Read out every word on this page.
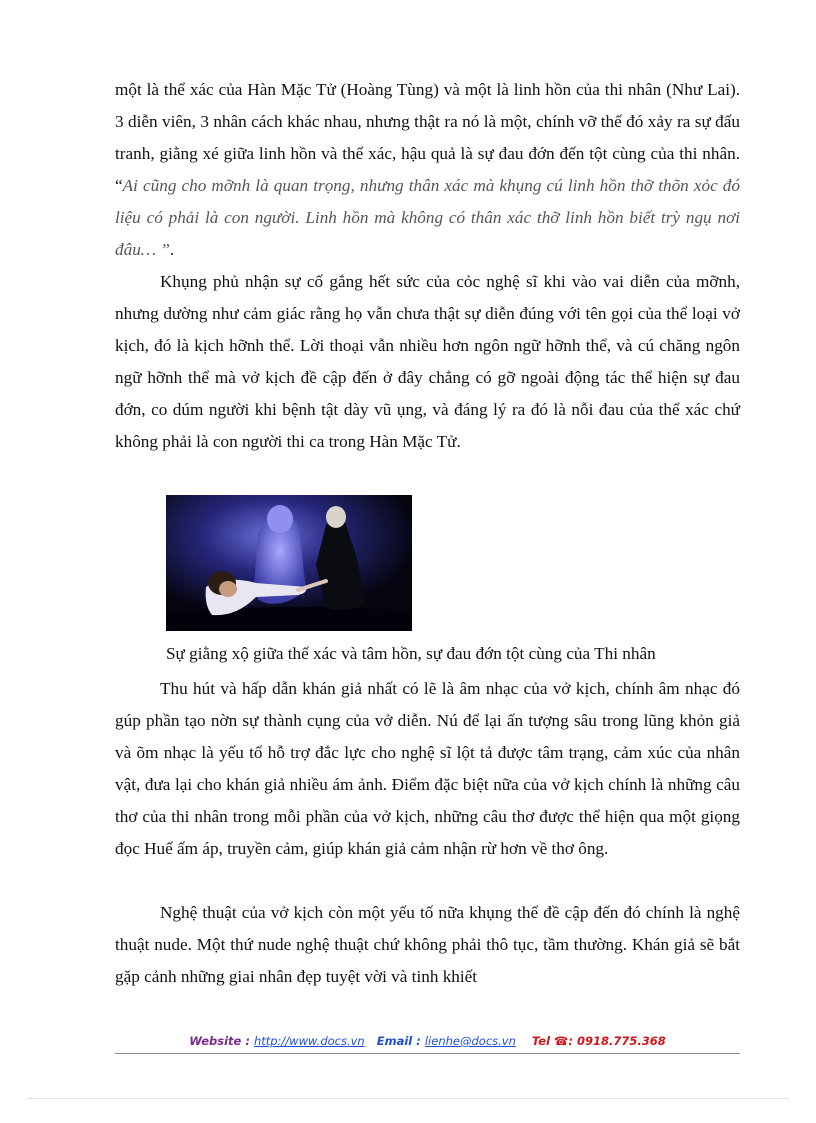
một là thể xác của Hàn Mặc Tử (Hoàng Tùng) và một là linh hồn của thi nhân (Như Lai). 3 diễn viên, 3 nhân cách khác nhau, nhưng thật ra nó là một, chính vỡ thế đó xảy ra sự đấu tranh, giằng xé giữa linh hồn và thể xác, hậu quả là sự đau đớn đến tột cùng của thi nhân. “Ai cũng cho mỡnh là quan trọng, nhưng thân xác mà khụng cú linh hồn thỡ thõn xỏc đó liệu có phải là con người. Linh hồn mà không có thân xác thỡ linh hồn biết trỳ ngụ nơi đâu… ”.

Khụng phủ nhận sự cố gắng hết sức của cỏc nghệ sĩ khi vào vai diễn của mỡnh, nhưng dường như cảm giác rằng họ vẫn chưa thật sự diễn đúng với tên gọi của thể loại vở kịch, đó là kịch hỡnh thể. Lời thoại vẫn nhiều hơn ngôn ngữ hỡnh thể, và cú chăng ngôn ngữ hỡnh thể mà vở kịch đề cập đến ở đây chẳng có gỡ ngoài động tác thể hiện sự đau đớn, co dúm người khi bệnh tật dày vũ ụng, và đáng lý ra đó là nỗi đau của thể xác chứ không phải là con người thi ca trong Hàn Mặc Tử.

Sự giằng xộ giữa thể xác và tâm hồn, sự đau đớn tột cùng của Thi nhân

Thu hút và hấp dẫn khán giả nhất có lẽ là âm nhạc của vở kịch, chính âm nhạc đó gúp phần tạo nờn sự thành cụng của vở diễn. Nú để lại ấn tượng sâu trong lũng khỏn giả và õm nhạc là yếu tố hỗ trợ đắc lực cho nghệ sĩ lột tả được tâm trạng, cảm xúc của nhân vật, đưa lại cho khán giả nhiều ám ảnh. Điểm đặc biệt nữa của vở kịch chính là những câu thơ của thi nhân trong mỗi phần của vở kịch, những câu thơ được thể hiện qua một giọng đọc Huế ấm áp, truyền cảm, giúp khán giả cảm nhận rừ hơn về thơ ông.

Nghệ thuật của vở kịch còn một yếu tố nữa khụng thể đề cập đến đó chính là nghệ thuật nude. Một thứ nude nghệ thuật chứ không phải thô tục, tầm thường. Khán giả sẽ bắt gặp cảnh những giai nhân đẹp tuyệt vời và tinh khiết

Website : http://www.docs.vn Email : lienhe@docs.vn Tel ☎: 0918.775.368
